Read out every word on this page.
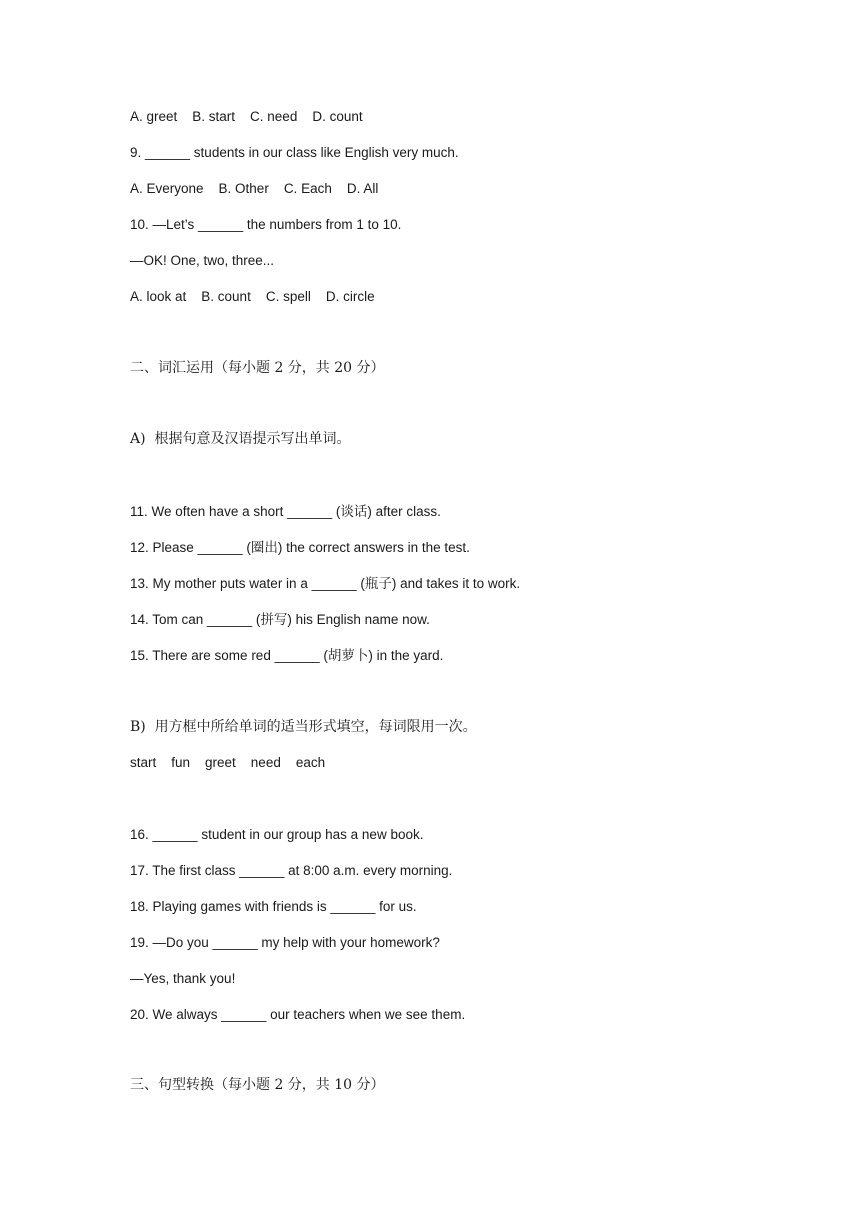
A. greet    B. start    C. need    D. count
9. ______ students in our class like English very much.
A. Everyone    B. Other    C. Each    D. All
10. —Let’s ______ the numbers from 1 to 10.
—OK! One, two, three...
A. look at    B. count    C. spell    D. circle
二、词汇运用（每小题 2 分，共 20 分）
A)  根据句意及汉语提示写出单词。
11. We often have a short ______ (谈话) after class.
12. Please ______ (圈出) the correct answers in the test.
13. My mother puts water in a ______ (瓶子) and takes it to work.
14. Tom can ______ (拼写) his English name now.
15. There are some red ______ (胡萝卜) in the yard.
B)  用方框中所给单词的适当形式填空，每词限用一次。
start    fun    greet    need    each
16. ______ student in our group has a new book.
17. The first class ______ at 8:00 a.m. every morning.
18. Playing games with friends is ______ for us.
19. —Do you ______ my help with your homework?
—Yes, thank you!
20. We always ______ our teachers when we see them.
三、句型转换（每小题 2 分，共 10 分）
